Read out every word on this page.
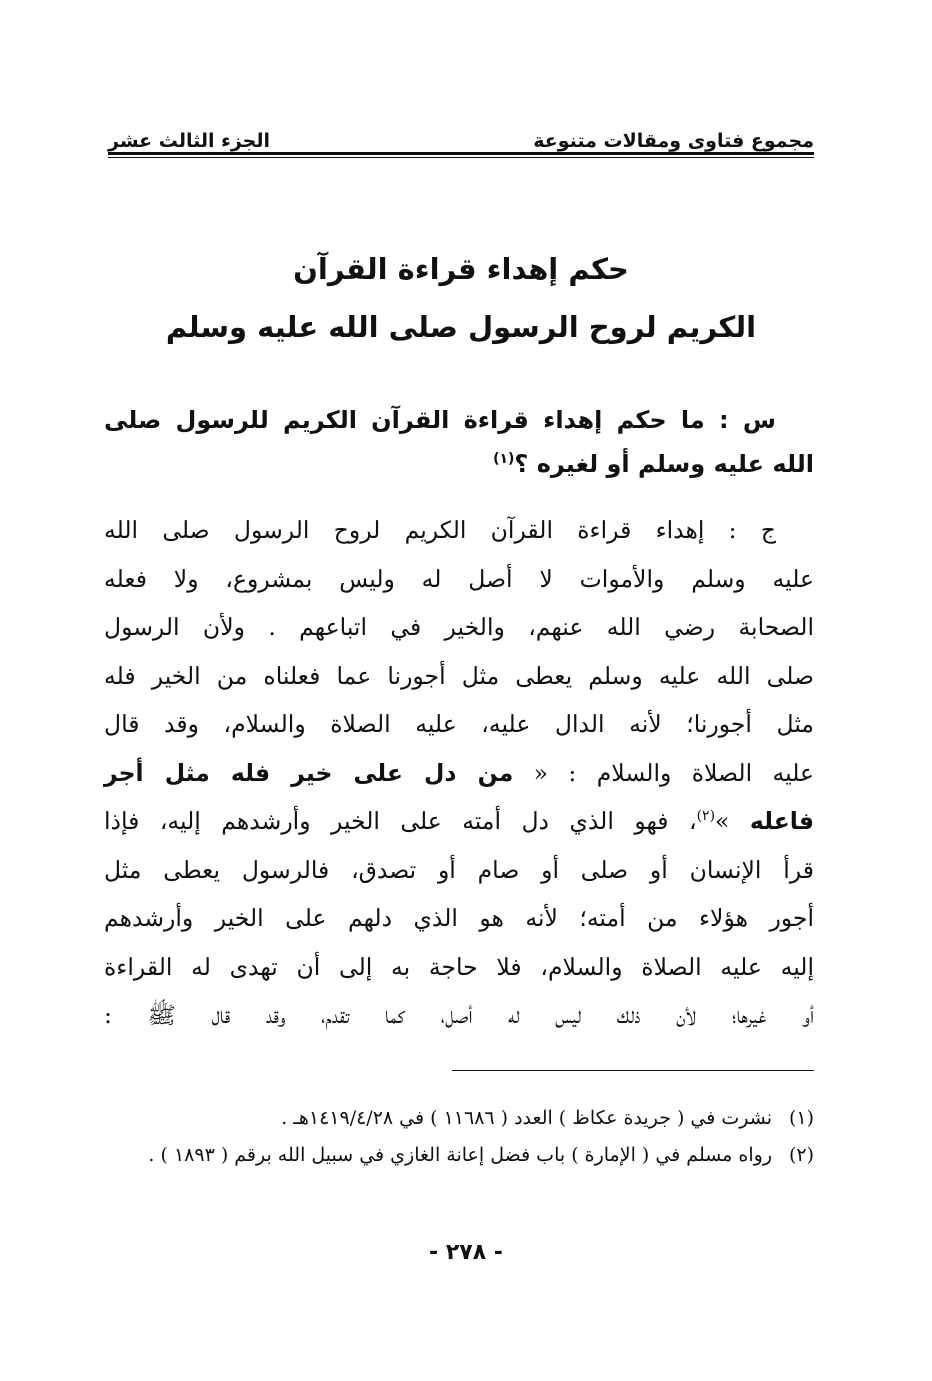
مجموع فتاوى ومقالات متنوعة
الجزء الثالث عشر
حكم إهداء قراءة القرآن
الكريم لروح الرسول صلى الله عليه وسلم
س : ما حكم إهداء قراءة القرآن الكريم للرسول صلى
الله عليه وسلم أو لغيره ؟$^{(١)}$
ج : إهداء قراءة القرآن الكريم لروح الرسول صلى الله
عليه وسلم والأموات لا أصل له وليس بمشروع، ولا فعله
الصحابة رضي الله عنهم، والخير في اتباعهم . ولأن الرسول
صلى الله عليه وسلم يعطى مثل أجورنا عما فعلناه من الخير فله
مثل أجورنا؛ لأنه الدال عليه، عليه الصلاة والسلام، وقد قال
عليه الصلاة والسلام : « من دل على خير فله مثل أجر
فاعله »$^{(٢)}$، فهو الذي دل أمته على الخير وأرشدهم إليه، فإذا
قرأ الإنسان أو صلى أو صام أو تصدق، فالرسول يعطى مثل
أجور هؤلاء من أمته؛ لأنه هو الذي دلهم على الخير وأرشدهم
إليه عليه الصلاة والسلام، فلا حاجة به إلى أن تهدى له القراءة
أو غيرها؛ لأن ذلك ليس له أصل، كما تقدم، وقد قال ﷺ :
(١)
نشرت في ( جريدة عكاظ ) العدد ( ١١٦٨٦ ) في ١٤١٩/٤/٢٨هـ .
(٢)
رواه مسلم في ( الإمارة ) باب فضل إعانة الغازي في سبيل الله برقم ( ١٨٩٣ ) .
- ٢٧٨ -
